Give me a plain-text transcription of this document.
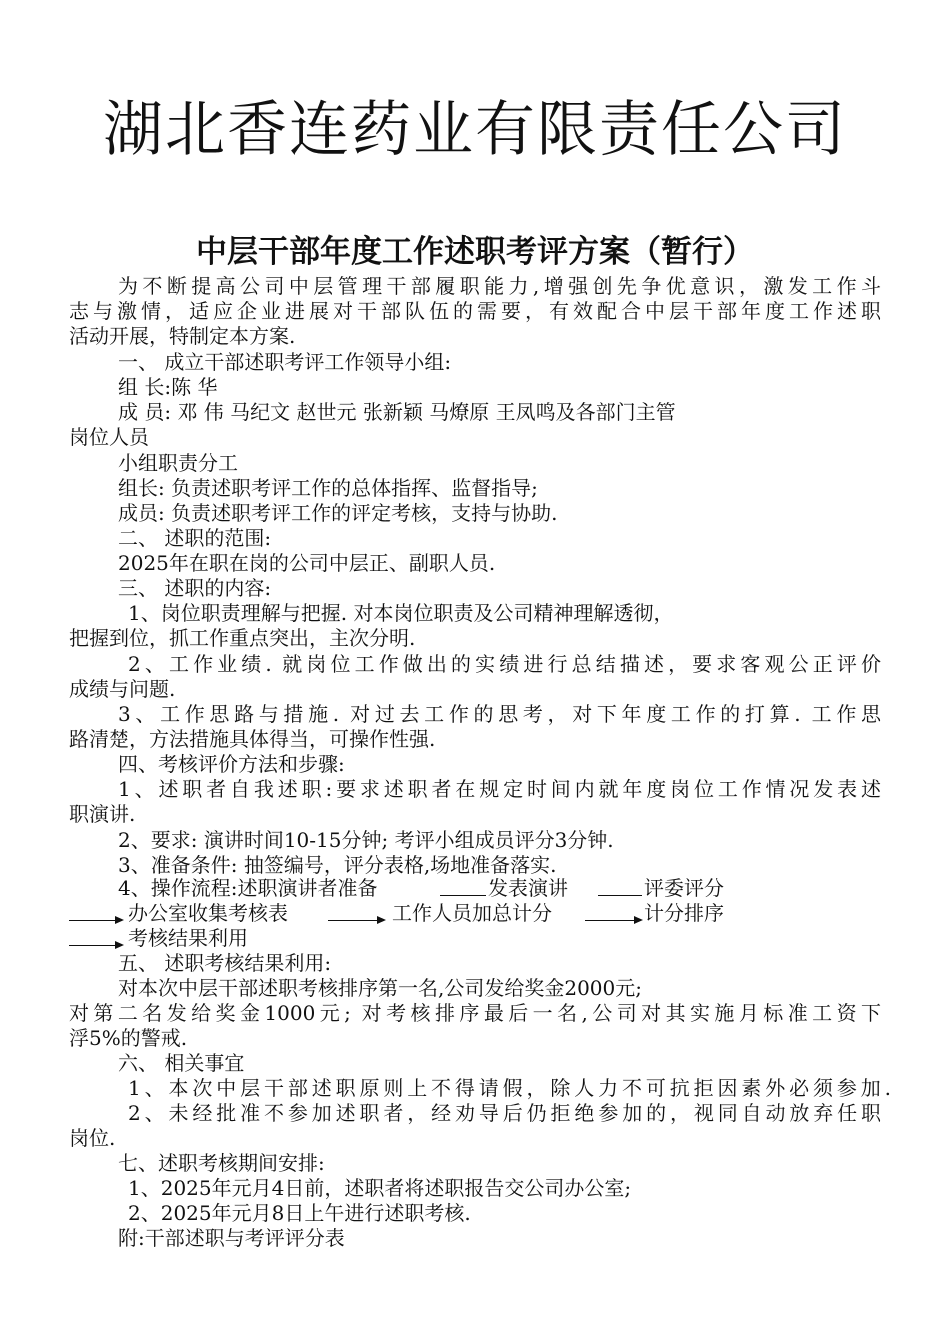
湖北香连药业有限责任公司
中层干部年度工作述职考评方案（暂行）
为不断提高公司中层管理干部履职能力,增强创先争优意识，激发工作斗
志与激情，适应企业进展对干部队伍的需要，有效配合中层干部年度工作述职
活动开展，特制定本方案.
一、 成立干部述职考评工作领导小组:
组 长:陈 华
成 员: 邓 伟 马纪文 赵世元 张新颖 马燎原 王凤鸣及各部门主管
岗位人员
小组职责分工
组长: 负责述职考评工作的总体指挥、监督指导;
成员: 负责述职考评工作的评定考核，支持与协助.
二、 述职的范围:
2025年在职在岗的公司中层正、副职人员.
三、 述职的内容:
1、岗位职责理解与把握. 对本岗位职责及公司精神理解透彻，
把握到位，抓工作重点突出，主次分明.
2、工作业绩. 就岗位工作做出的实绩进行总结描述，要求客观公正评价
成绩与问题.
3、工作思路与措施. 对过去工作的思考，对下年度工作的打算. 工作思
路清楚，方法措施具体得当，可操作性强.
四、考核评价方法和步骤:
1、述职者自我述职:要求述职者在规定时间内就年度岗位工作情况发表述
职演讲.
2、要求: 演讲时间10-15分钟; 考评小组成员评分3分钟.
3、准备条件: 抽签编号，评分表格,场地准备落实.
4、操作流程:述职演讲者准备	发表演讲	评委评分
办公室收集考核表	工作人员加总计分	计分排序
考核结果利用
五、 述职考核结果利用:
对本次中层干部述职考核排序第一名,公司发给奖金2000元;
对第二名发给奖金1000元; 对考核排序最后一名,公司对其实施月标准工资下
浮5%的警戒.
六、 相关事宜
1、本次中层干部述职原则上不得请假，除人力不可抗拒因素外必须参加.
2、未经批准不参加述职者，经劝导后仍拒绝参加的，视同自动放弃任职
岗位.
七、述职考核期间安排:
1、2025年元月4日前，述职者将述职报告交公司办公室;
2、2025年元月8日上午进行述职考核.
附:干部述职与考评评分表
